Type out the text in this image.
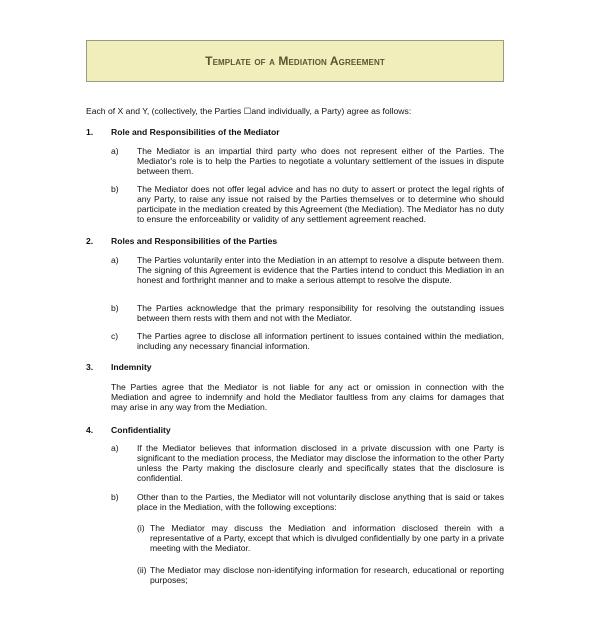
Template of a Mediation Agreement
Each of X and Y, (collectively, the Parties ☐and individually, a Party) agree as follows:
1. Role and Responsibilities of the Mediator
a) The Mediator is an impartial third party who does not represent either of the Parties. The Mediator's role is to help the Parties to negotiate a voluntary settlement of the issues in dispute between them.
b) The Mediator does not offer legal advice and has no duty to assert or protect the legal rights of any Party, to raise any issue not raised by the Parties themselves or to determine who should participate in the mediation created by this Agreement (the Mediation). The Mediator has no duty to ensure the enforceability or validity of any settlement agreement reached.
2. Roles and Responsibilities of the Parties
a) The Parties voluntarily enter into the Mediation in an attempt to resolve a dispute between them. The signing of this Agreement is evidence that the Parties intend to conduct this Mediation in an honest and forthright manner and to make a serious attempt to resolve the dispute.
b) The Parties acknowledge that the primary responsibility for resolving the outstanding issues between them rests with them and not with the Mediator.
c) The Parties agree to disclose all information pertinent to issues contained within the mediation, including any necessary financial information.
3. Indemnity
The Parties agree that the Mediator is not liable for any act or omission in connection with the Mediation and agree to indemnify and hold the Mediator faultless from any claims for damages that may arise in any way from the Mediation.
4. Confidentiality
a) If the Mediator believes that information disclosed in a private discussion with one Party is significant to the mediation process, the Mediator may disclose the information to the other Party unless the Party making the disclosure clearly and specifically states that the disclosure is confidential.
b) Other than to the Parties, the Mediator will not voluntarily disclose anything that is said or takes place in the Mediation, with the following exceptions:
(i) The Mediator may discuss the Mediation and information disclosed therein with a representative of a Party, except that which is divulged confidentially by one party in a private meeting with the Mediator.
(ii) The Mediator may disclose non-identifying information for research, educational or reporting purposes;
